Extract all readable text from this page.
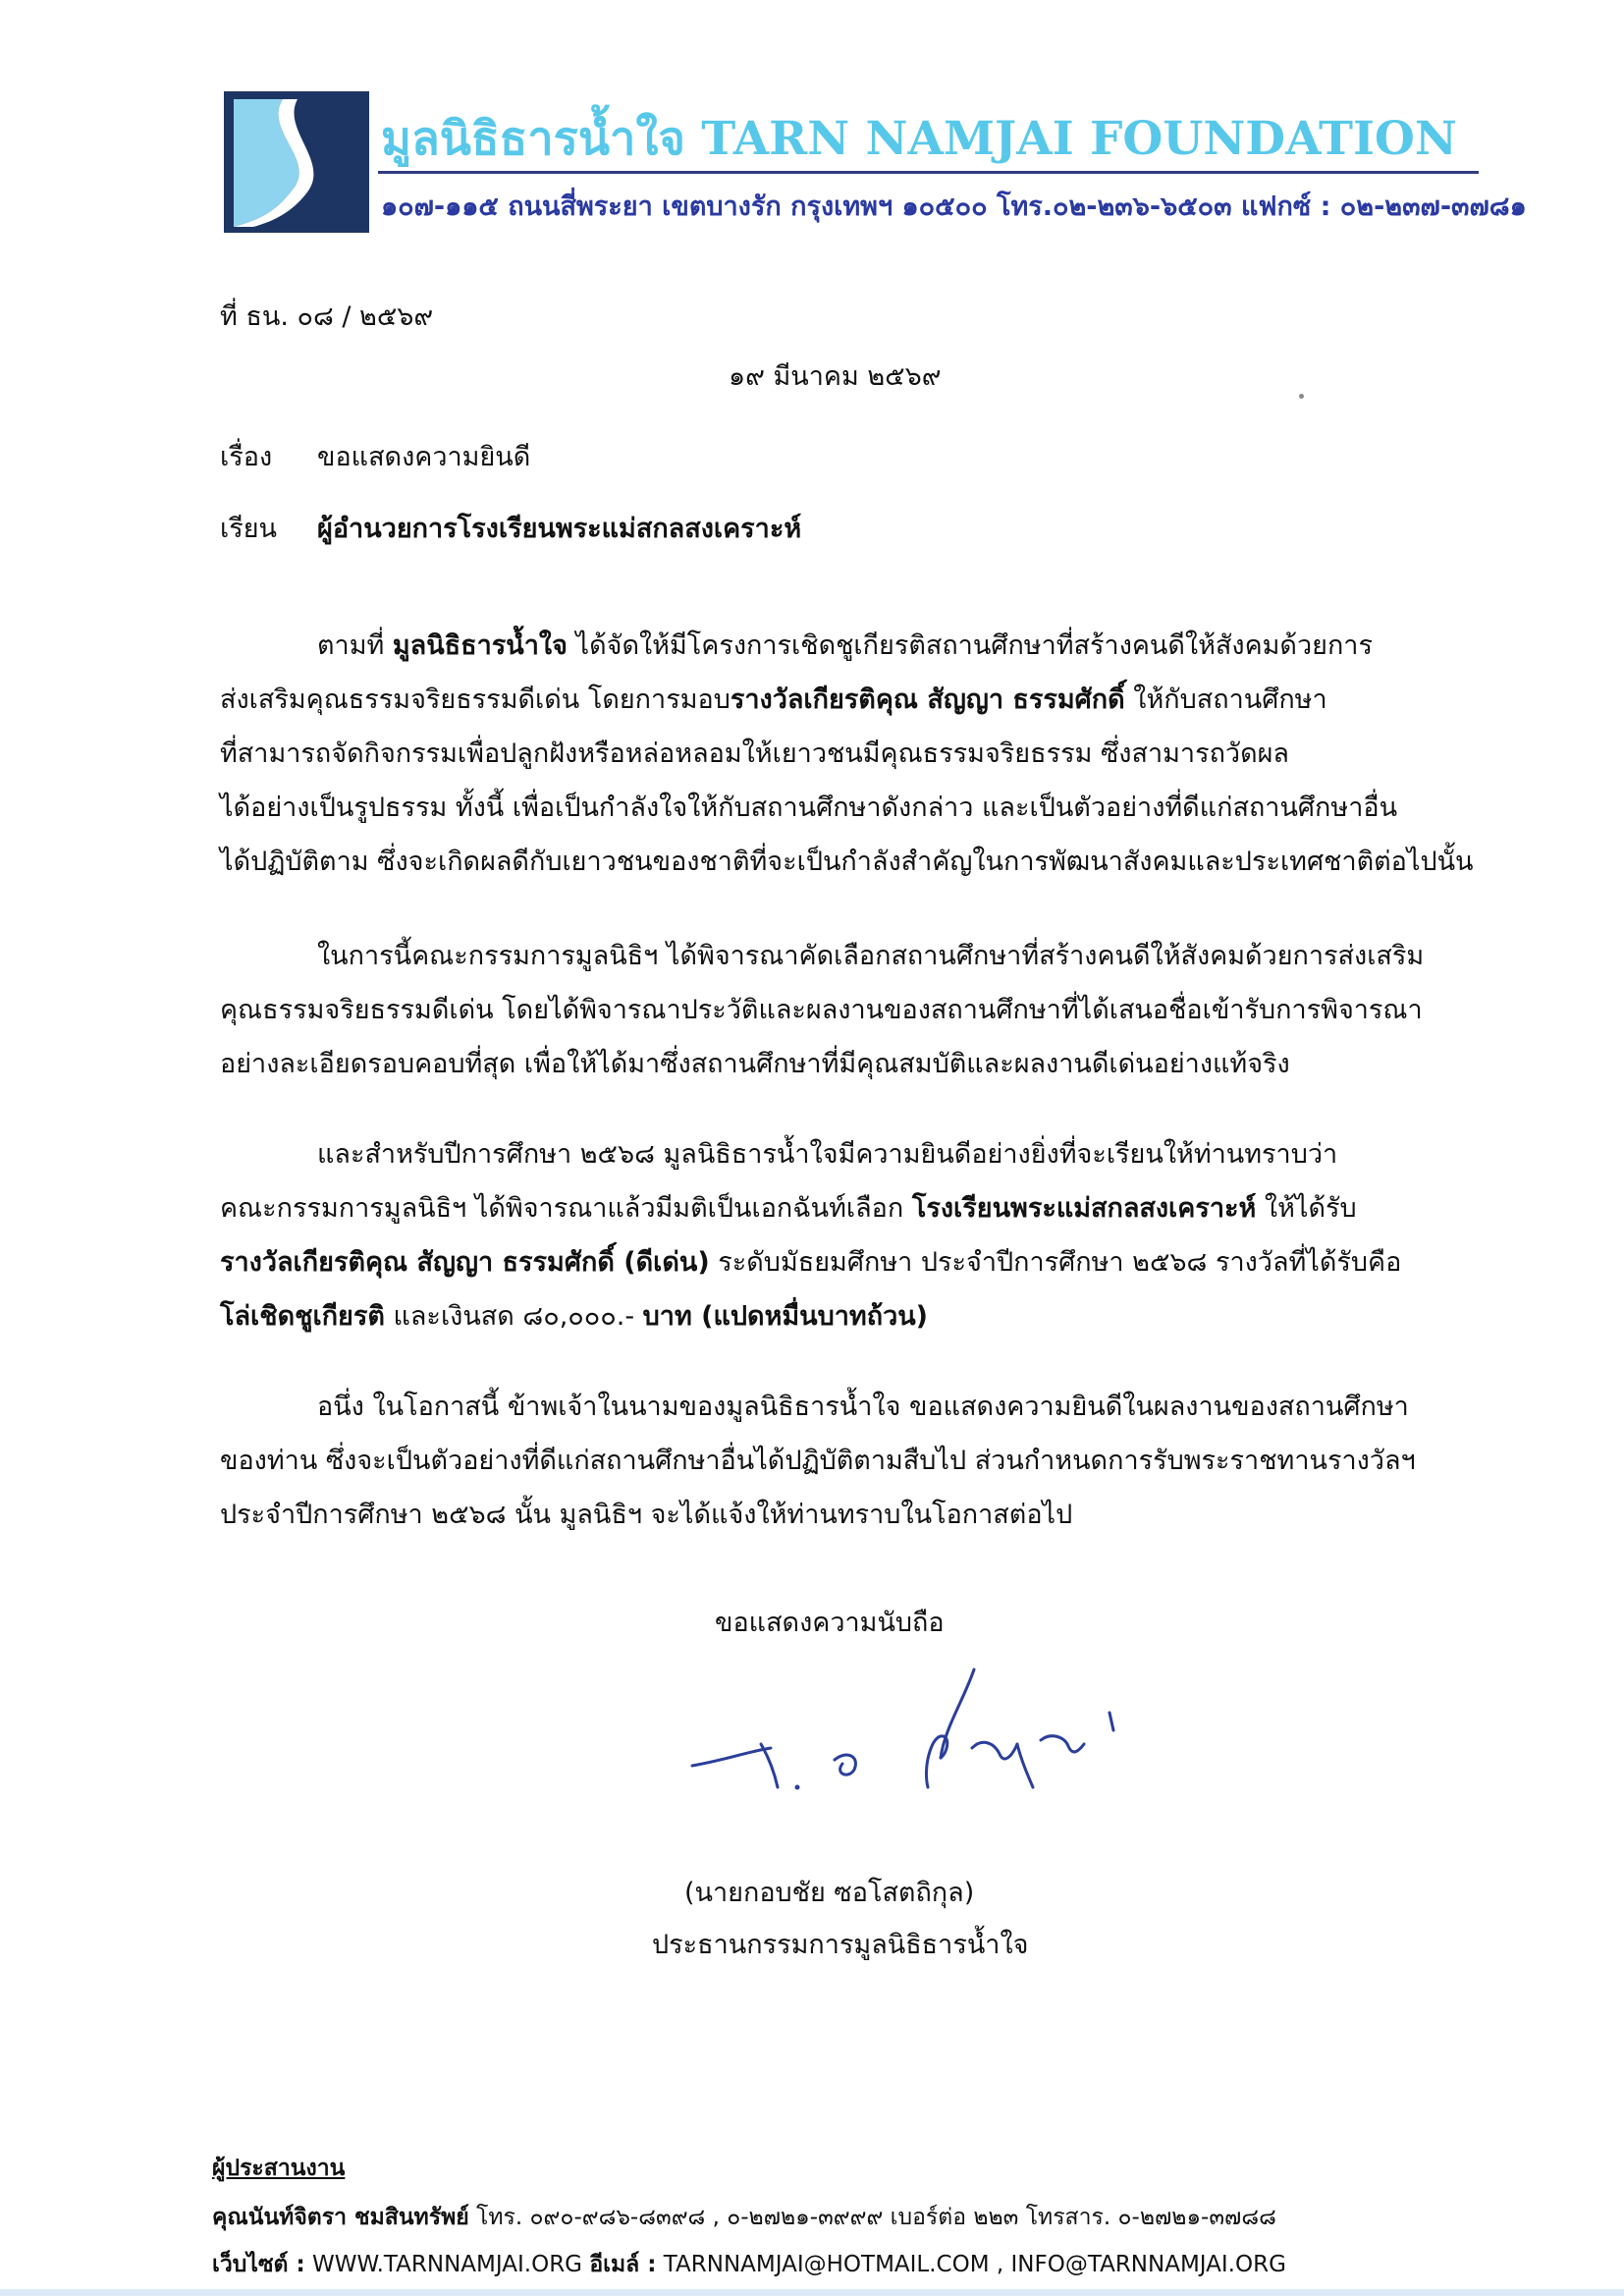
มูลนิธิธารน้ำใจ TARN NAMJAI FOUNDATION
๑๐๗-๑๑๕ ถนนสี่พระยา เขตบางรัก กรุงเทพฯ ๑๐๕๐๐ โทร.๐๒-๒๓๖-๖๕๐๓ แฟกซ์ : ๐๒-๒๓๗-๓๗๘๑
ที่ ธน. ๐๘ / ๒๕๖๙
๑๙ มีนาคม ๒๕๖๙
เรื่อง ขอแสดงความยินดี
เรียน ผู้อำนวยการโรงเรียนพระแม่สกลสงเคราะห์
ตามที่ มูลนิธิธารน้ำใจ ได้จัดให้มีโครงการเชิดชูเกียรติสถานศึกษาที่สร้างคนดีให้สังคมด้วยการ
ส่งเสริมคุณธรรมจริยธรรมดีเด่น โดยการมอบรางวัลเกียรติคุณ สัญญา ธรรมศักดิ์ ให้กับสถานศึกษา
ที่สามารถจัดกิจกรรมเพื่อปลูกฝังหรือหล่อหลอมให้เยาวชนมีคุณธรรมจริยธรรม ซึ่งสามารถวัดผล
ได้อย่างเป็นรูปธรรม ทั้งนี้ เพื่อเป็นกำลังใจให้กับสถานศึกษาดังกล่าว และเป็นตัวอย่างที่ดีแก่สถานศึกษาอื่น
ได้ปฏิบัติตาม ซึ่งจะเกิดผลดีกับเยาวชนของชาติที่จะเป็นกำลังสำคัญในการพัฒนาสังคมและประเทศชาติต่อไปนั้น
ในการนี้คณะกรรมการมูลนิธิฯ ได้พิจารณาคัดเลือกสถานศึกษาที่สร้างคนดีให้สังคมด้วยการส่งเสริม
คุณธรรมจริยธรรมดีเด่น โดยได้พิจารณาประวัติและผลงานของสถานศึกษาที่ได้เสนอชื่อเข้ารับการพิจารณา
อย่างละเอียดรอบคอบที่สุด เพื่อให้ได้มาซึ่งสถานศึกษาที่มีคุณสมบัติและผลงานดีเด่นอย่างแท้จริง
และสำหรับปีการศึกษา ๒๕๖๘ มูลนิธิธารน้ำใจมีความยินดีอย่างยิ่งที่จะเรียนให้ท่านทราบว่า
คณะกรรมการมูลนิธิฯ ได้พิจารณาแล้วมีมติเป็นเอกฉันท์เลือก โรงเรียนพระแม่สกลสงเคราะห์ ให้ได้รับ
รางวัลเกียรติคุณ สัญญา ธรรมศักดิ์ (ดีเด่น) ระดับมัธยมศึกษา ประจำปีการศึกษา ๒๕๖๘ รางวัลที่ได้รับคือ
โล่เชิดชูเกียรติ และเงินสด ๘๐,๐๐๐.- บาท (แปดหมื่นบาทถ้วน)
อนึ่ง ในโอกาสนี้ ข้าพเจ้าในนามของมูลนิธิธารน้ำใจ ขอแสดงความยินดีในผลงานของสถานศึกษา
ของท่าน ซึ่งจะเป็นตัวอย่างที่ดีแก่สถานศึกษาอื่นได้ปฏิบัติตามสืบไป ส่วนกำหนดการรับพระราชทานรางวัลฯ
ประจำปีการศึกษา ๒๕๖๘ นั้น มูลนิธิฯ จะได้แจ้งให้ท่านทราบในโอกาสต่อไป
ขอแสดงความนับถือ
(นายกอบชัย ซอโสตถิกุล)
ประธานกรรมการมูลนิธิธารน้ำใจ
ผู้ประสานงาน
คุณนันท์จิตรา ชมสินทรัพย์ โทร. ๐๙๐-๙๘๖-๘๓๙๘ , ๐-๒๗๒๑-๓๙๙๙ เบอร์ต่อ ๒๒๓ โทรสาร. ๐-๒๗๒๑-๓๗๘๘
เว็บไซต์ : WWW.TARNNAMJAI.ORG อีเมล์ : TARNNAMJAI@HOTMAIL.COM , INFO@TARNNAMJAI.ORG
